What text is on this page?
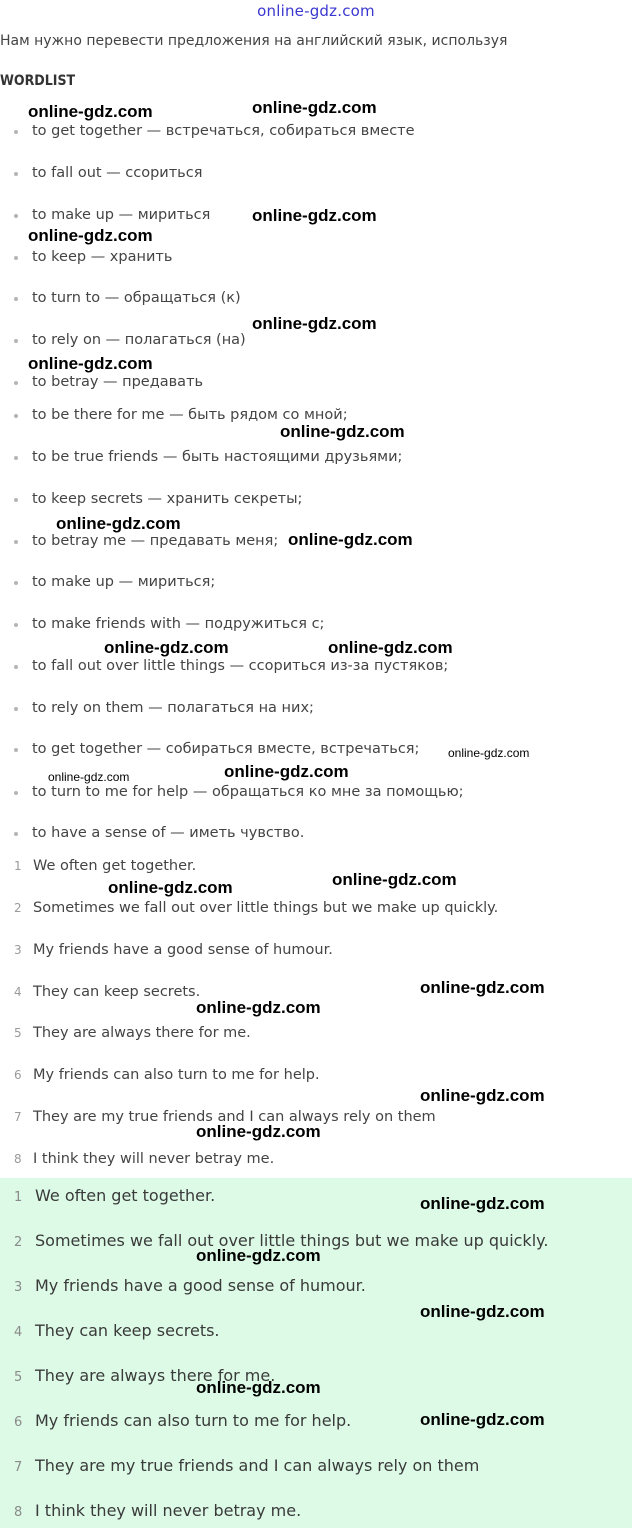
online-gdz.com
Нам нужно перевести предложения на английский язык, используя
WORDLIST
to get together — встречаться, собираться вместе
to fall out — ссориться
to make up — мириться
to keep — хранить
to turn to — обращаться (к)
to rely on — полагаться (на)
to betray — предавать
to be there for me — быть рядом со мной;
to be true friends — быть настоящими друзьями;
to keep secrets — хранить секреты;
to betray me — предавать меня;
to make up — мириться;
to make friends with — подружиться с;
to fall out over little things — ссориться из-за пустяков;
to rely on them — полагаться на них;
to get together — собираться вместе, встречаться;
to turn to me for help — обращаться ко мне за помощью;
to have a sense of — иметь чувство.
1 We often get together.
2 Sometimes we fall out over little things but we make up quickly.
3 My friends have a good sense of humour.
4 They can keep secrets.
5 They are always there for me.
6 My friends can also turn to me for help.
7 They are my true friends and I can always rely on them
8 I think they will never betray me.
1 We often get together.
2 Sometimes we fall out over little things but we make up quickly.
3 My friends have a good sense of humour.
4 They can keep secrets.
5 They are always there for me.
6 My friends can also turn to me for help.
7 They are my true friends and I can always rely on them
8 I think they will never betray me.
online-gdz.com	online-gdz.com
online-gdz.com
online-gdz.com
online-gdz.com
online-gdz.com
online-gdz.com
online-gdz.com
online-gdz.com
online-gdz.com	online-gdz.com
online-gdz.com
online-gdz.com	online-gdz.com
online-gdz.com
online-gdz.com
online-gdz.com
online-gdz.com
online-gdz.com
online-gdz.com
online-gdz.com
online-gdz.com
online-gdz.com
online-gdz.com
online-gdz.com
